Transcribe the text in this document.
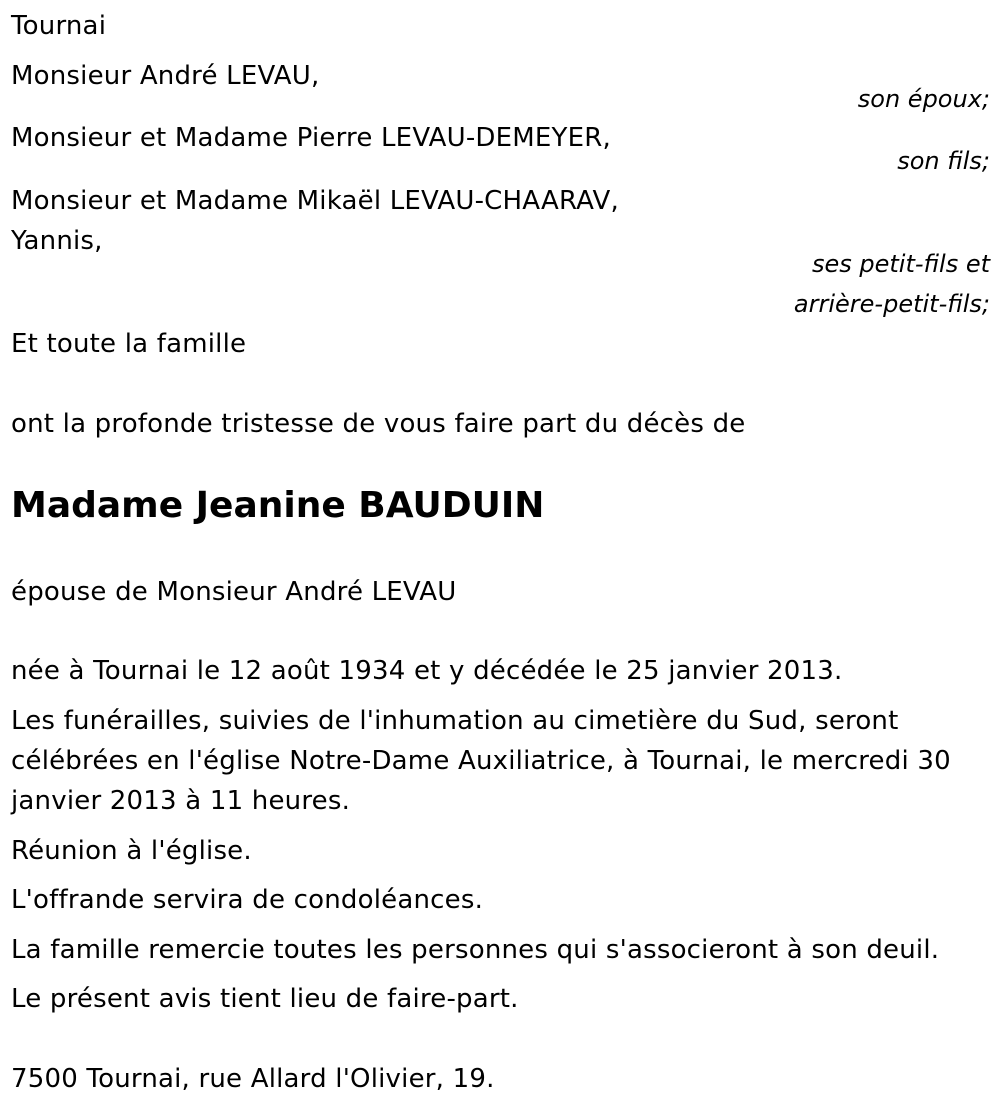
Tournai

Monsieur André LEVAU,

son époux;

Monsieur et Madame Pierre LEVAU-DEMEYER,

son fils;

Monsieur et Madame Mikaël LEVAU-CHAARAV,

Yannis,

ses petit-fils et

arrière-petit-fils;

Et toute la famille

ont la profonde tristesse de vous faire part du décès de

Madame Jeanine BAUDUIN

épouse de Monsieur André LEVAU

née à Tournai le 12 août 1934 et y décédée le 25 janvier 2013.

Les funérailles, suivies de l'inhumation au cimetière du Sud, seront

célébrées en l'église Notre-Dame Auxiliatrice, à Tournai, le mercredi 30

janvier 2013 à 11 heures.

Réunion à l'église.

L'offrande servira de condoléances.

La famille remercie toutes les personnes qui s'associeront à son deuil.

Le présent avis tient lieu de faire-part.

7500 Tournai, rue Allard l'Olivier, 19.
